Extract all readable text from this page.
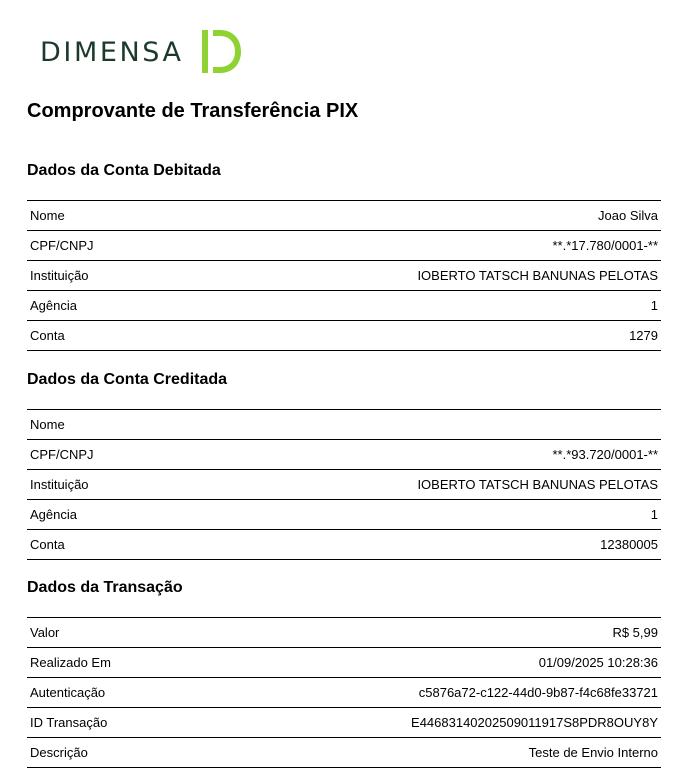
DIMENSA
Comprovante de Transferência PIX
Dados da Conta Debitada
Nome	Joao Silva
CPF/CNPJ	**.*17.780/0001-**
Instituição	IOBERTO TATSCH BANUNAS PELOTAS
Agência	1
Conta	1279
Dados da Conta Creditada
Nome
CPF/CNPJ	**.*93.720/0001-**
Instituição	IOBERTO TATSCH BANUNAS PELOTAS
Agência	1
Conta	12380005
Dados da Transação
Valor	R$ 5,99
Realizado Em	01/09/2025 10:28:36
Autenticação	c5876a72-c122-44d0-9b87-f4c68fe33721
ID Transação	E44683140202509011917S8PDR8OUY8Y
Descrição	Teste de Envio Interno
